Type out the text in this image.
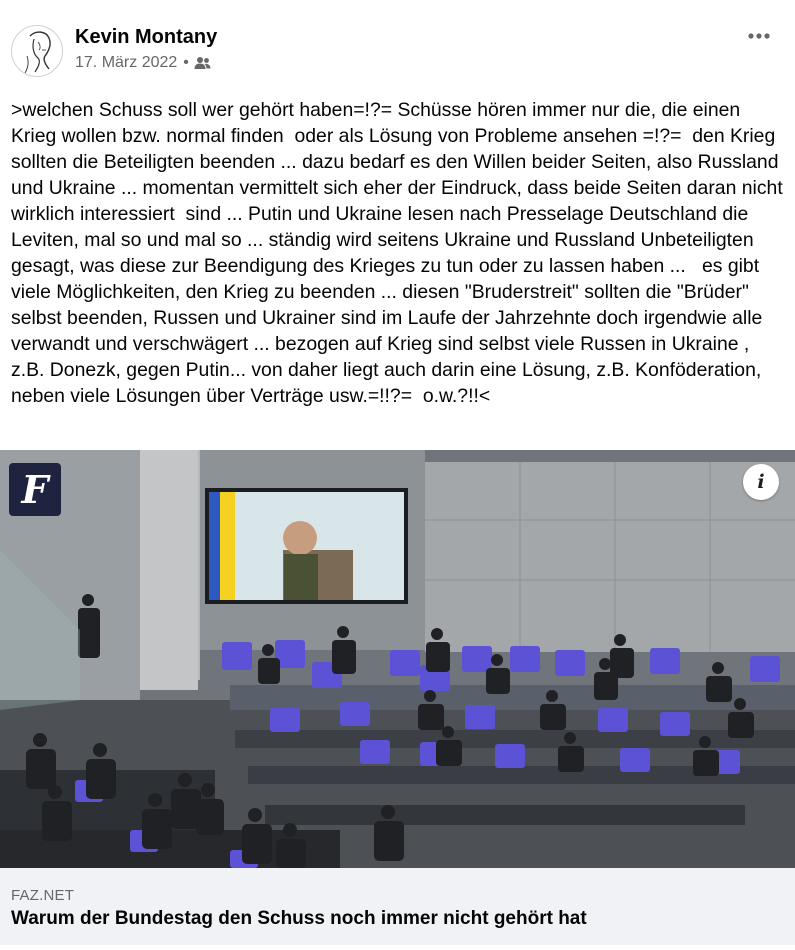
Kevin Montany
17. März 2022 •
>welchen Schuss soll wer gehört haben=!?= Schüsse hören immer nur die, die einen Krieg wollen bzw. normal finden  oder als Lösung von Probleme ansehen =!?=  den Krieg sollten die Beteiligten beenden ... dazu bedarf es den Willen beider Seiten, also Russland und Ukraine ... momentan vermittelt sich eher der Eindruck, dass beide Seiten daran nicht wirklich interessiert  sind ... Putin und Ukraine lesen nach Presselage Deutschland die Leviten, mal so und mal so ... ständig wird seitens Ukraine und Russland Unbeteiligten gesagt, was diese zur Beendigung des Krieges zu tun oder zu lassen haben ...   es gibt viele Möglichkeiten, den Krieg zu beenden ... diesen "Bruderstreit" sollten die "Brüder" selbst beenden, Russen und Ukrainer sind im Laufe der Jahrzehnte doch irgendwie alle verwandt und verschwägert ... bezogen auf Krieg sind selbst viele Russen in Ukraine , z.B. Donezk, gegen Putin... von daher liegt auch darin eine Lösung, z.B. Konföderation, neben viele Lösungen über Verträge usw.=!!?=  o.w.?!!<
F	i
FAZ.NET
Warum der Bundestag den Schuss noch immer nicht gehört hat
